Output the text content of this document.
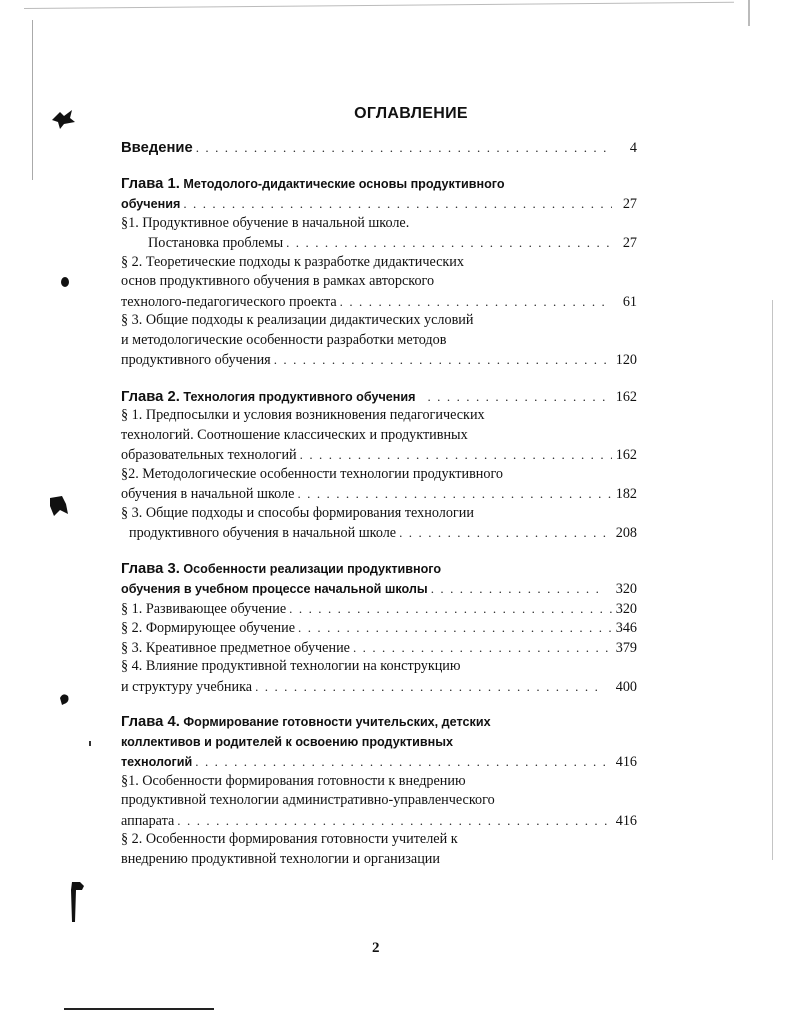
ОГЛАВЛЕНИЕ
Введение . . .	4
Глава 1.
Методолого-дидактические основы продуктивного
обучения . . .	27
§1. Продуктивное обучение в начальной школе.
Постановка проблемы . . .	27
§ 2. Теоретические подходы к разработке дидактических
основ продуктивного обучения в рамках авторского
технолого-педагогического проекта . . .	61
§ 3. Общие подходы к реализации дидактических условий
и методологические особенности разработки методов
продуктивного обучения . . .	120
Глава 2.
Технология продуктивного обучения . . .	162
§ 1. Предпосылки и условия возникновения педагогических
технологий. Соотношение классических и продуктивных
образовательных технологий . . .	162
§2. Методологические особенности технологии продуктивного
обучения в начальной школе . . .	182
§ 3. Общие подходы и способы формирования технологии
продуктивного обучения в начальной школе . . .	208
Глава 3.
Особенности реализации продуктивного
обучения в учебном процессе начальной школы . . .	320
§ 1. Развивающее обучение . . .	320
§ 2. Формирующее обучение . . .	346
§ 3. Креативное предметное обучение . . .	379
§ 4. Влияние продуктивной технологии на конструкцию
и структуру учебника . . .	400
Глава 4.
Формирование готовности учительских, детских
коллективов и родителей к освоению продуктивных
технологий . . .	416
§1. Особенности формирования готовности к внедрению
продуктивной технологии административно-управленческого
аппарата . . .	416
§ 2. Особенности формирования готовности учителей к
внедрению продуктивной технологии и организации
2
